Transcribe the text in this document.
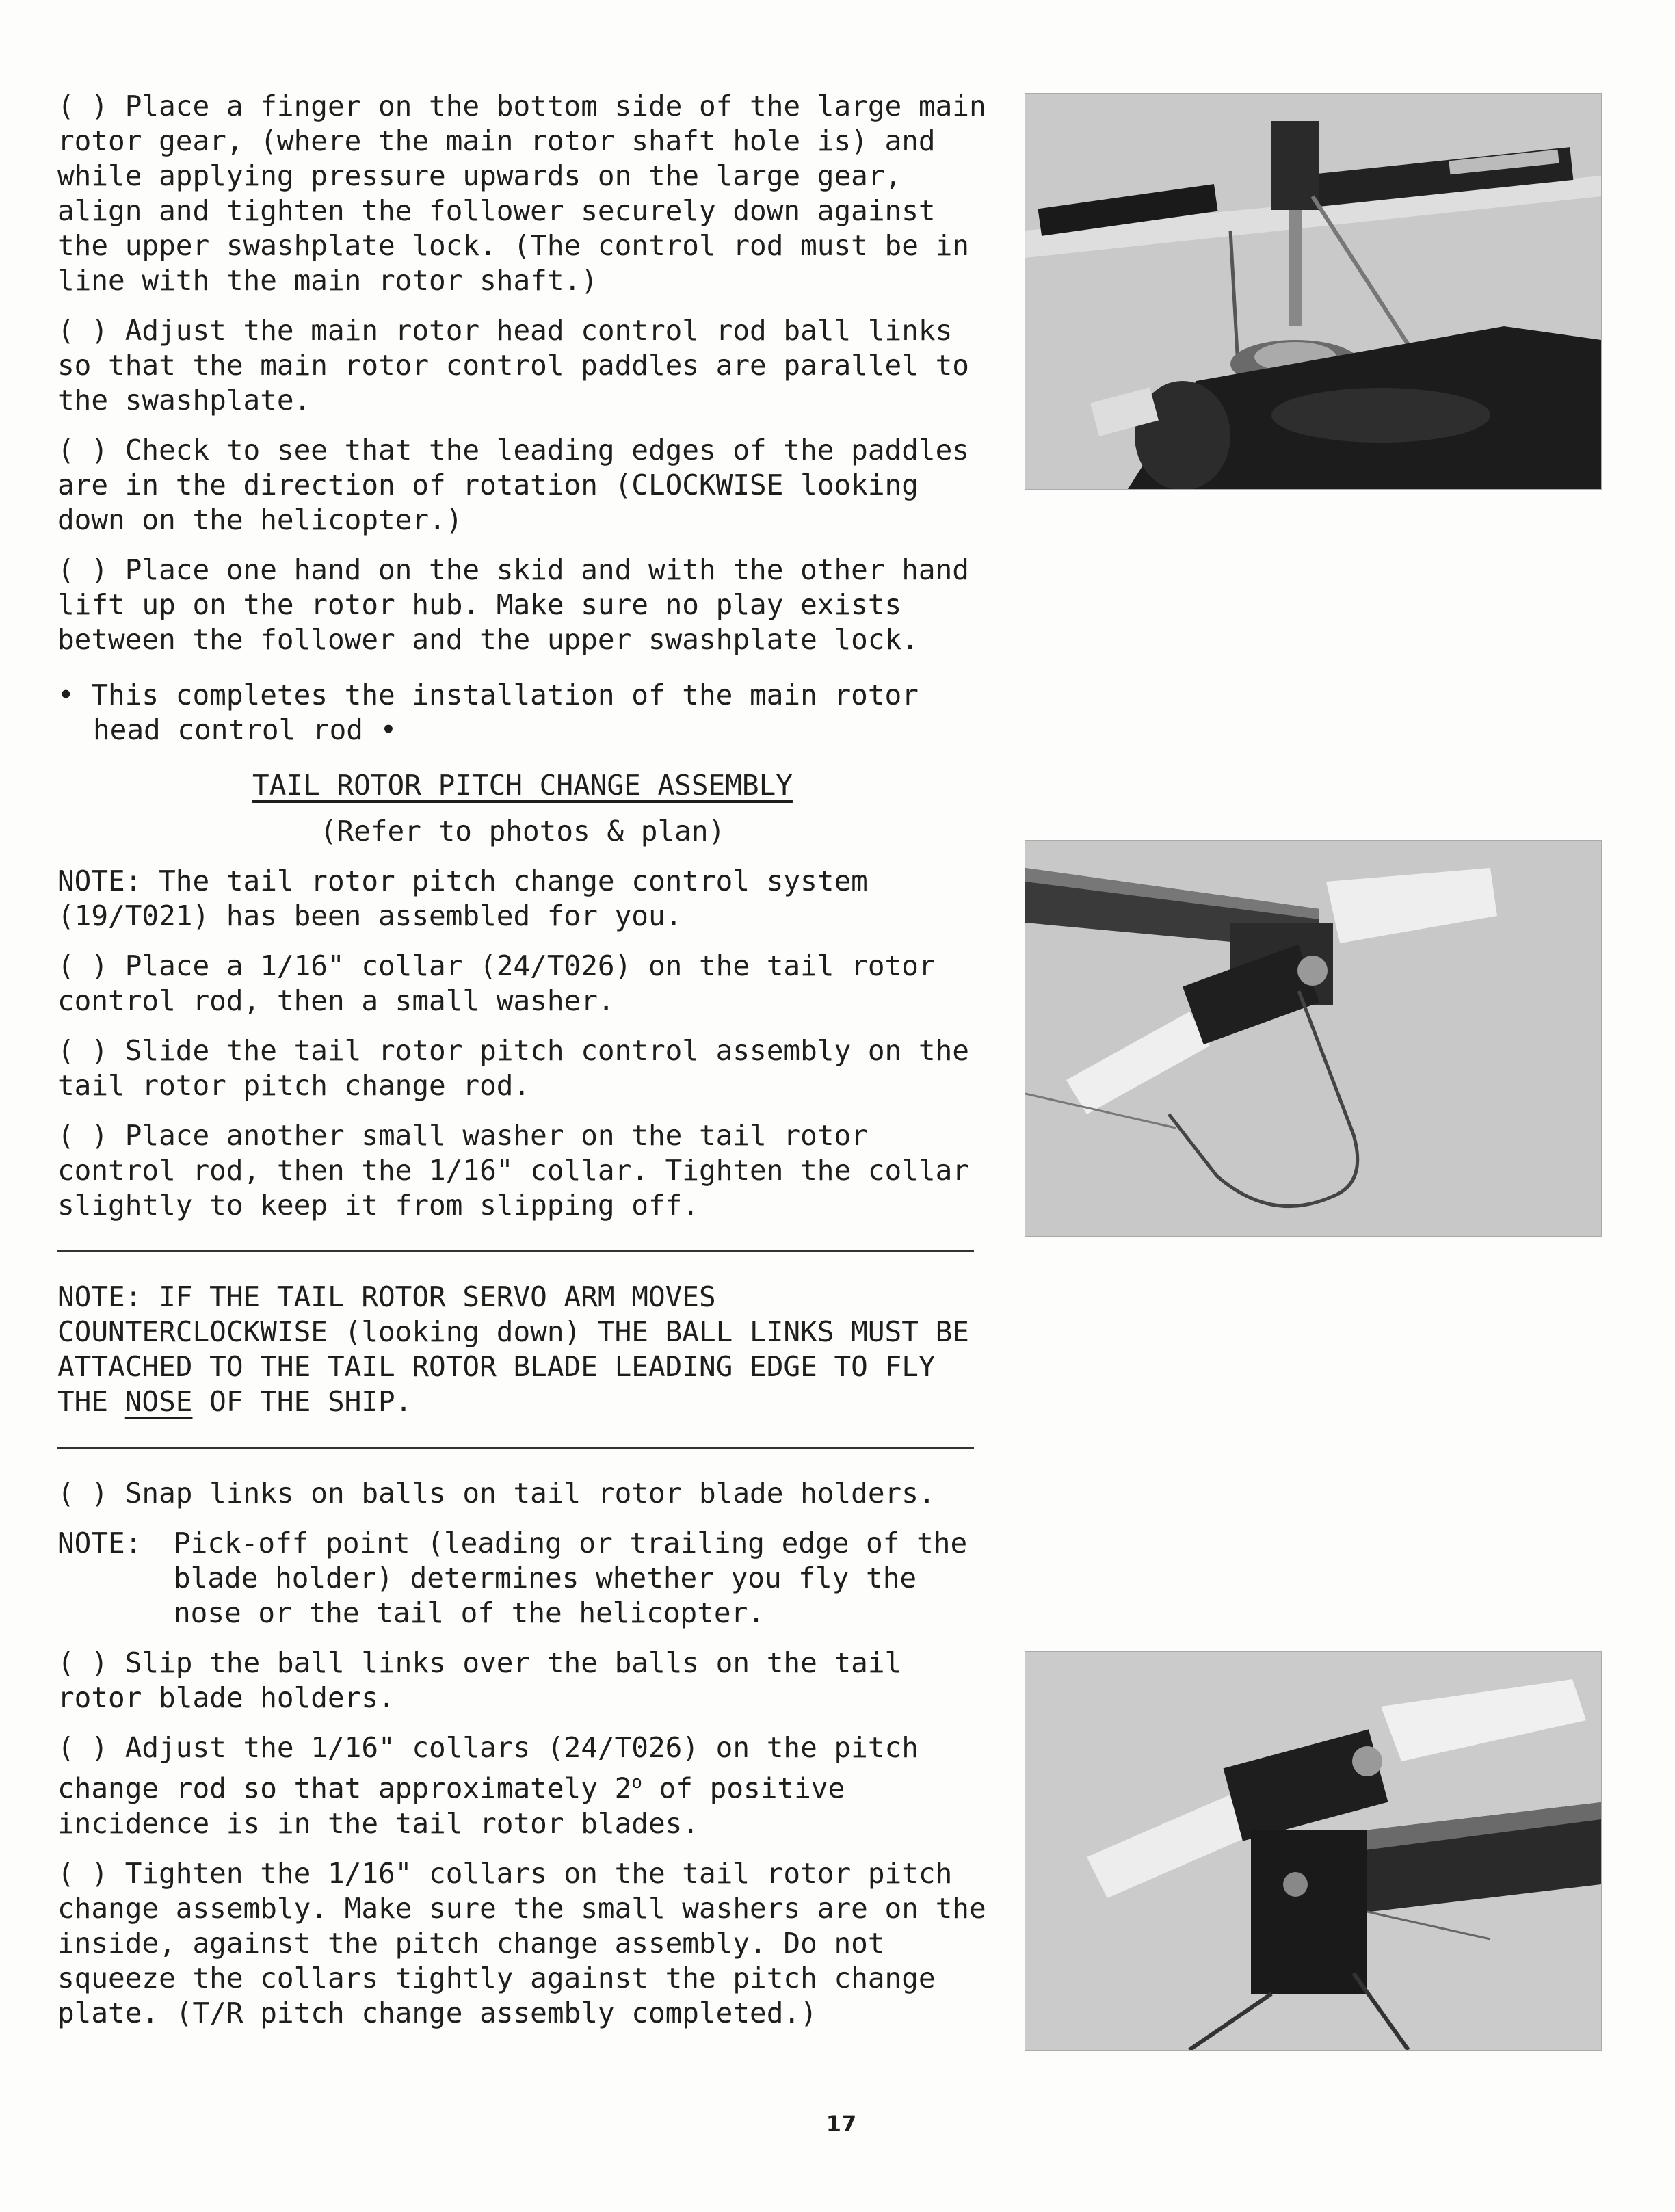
( ) Place a finger on the bottom side of the large main rotor gear, (where the main rotor shaft hole is) and while applying pressure upwards on the large gear, align and tighten the follower securely down against the upper swashplate lock. (The control rod must be in line with the main rotor shaft.)

( ) Adjust the main rotor head control rod ball links so that the main rotor control paddles are parallel to the swashplate.

( ) Check to see that the leading edges of the paddles are in the direction of rotation (CLOCKWISE looking down on the helicopter.)

( ) Place one hand on the skid and with the other hand lift up on the rotor hub. Make sure no play exists between the follower and the upper swashplate lock.

• This completes the installation of the main rotor head control rod •

TAIL ROTOR PITCH CHANGE ASSEMBLY

(Refer to photos & plan)

NOTE: The tail rotor pitch change control system (19/T021) has been assembled for you.

( ) Place a 1/16" collar (24/T026) on the tail rotor control rod, then a small washer.

( ) Slide the tail rotor pitch control assembly on the tail rotor pitch change rod.

( ) Place another small washer on the tail rotor control rod, then the 1/16" collar. Tighten the collar slightly to keep it from slipping off.

NOTE: IF THE TAIL ROTOR SERVO ARM MOVES COUNTERCLOCKWISE (looking down) THE BALL LINKS MUST BE ATTACHED TO THE TAIL ROTOR BLADE LEADING EDGE TO FLY THE NOSE OF THE SHIP.

( ) Snap links on balls on tail rotor blade holders.

NOTE:	Pick-off point (leading or trailing edge of the blade holder) determines whether you fly the nose or the tail of the helicopter.

( ) Slip the ball links over the balls on the tail rotor blade holders.

( ) Adjust the 1/16" collars (24/T026) on the pitch change rod so that approximately 2$^o$ of positive incidence is in the tail rotor blades.

( ) Tighten the 1/16" collars on the tail rotor pitch change assembly. Make sure the small washers are on the inside, against the pitch change assembly. Do not squeeze the collars tightly against the pitch change plate. (T/R pitch change assembly completed.)

17
